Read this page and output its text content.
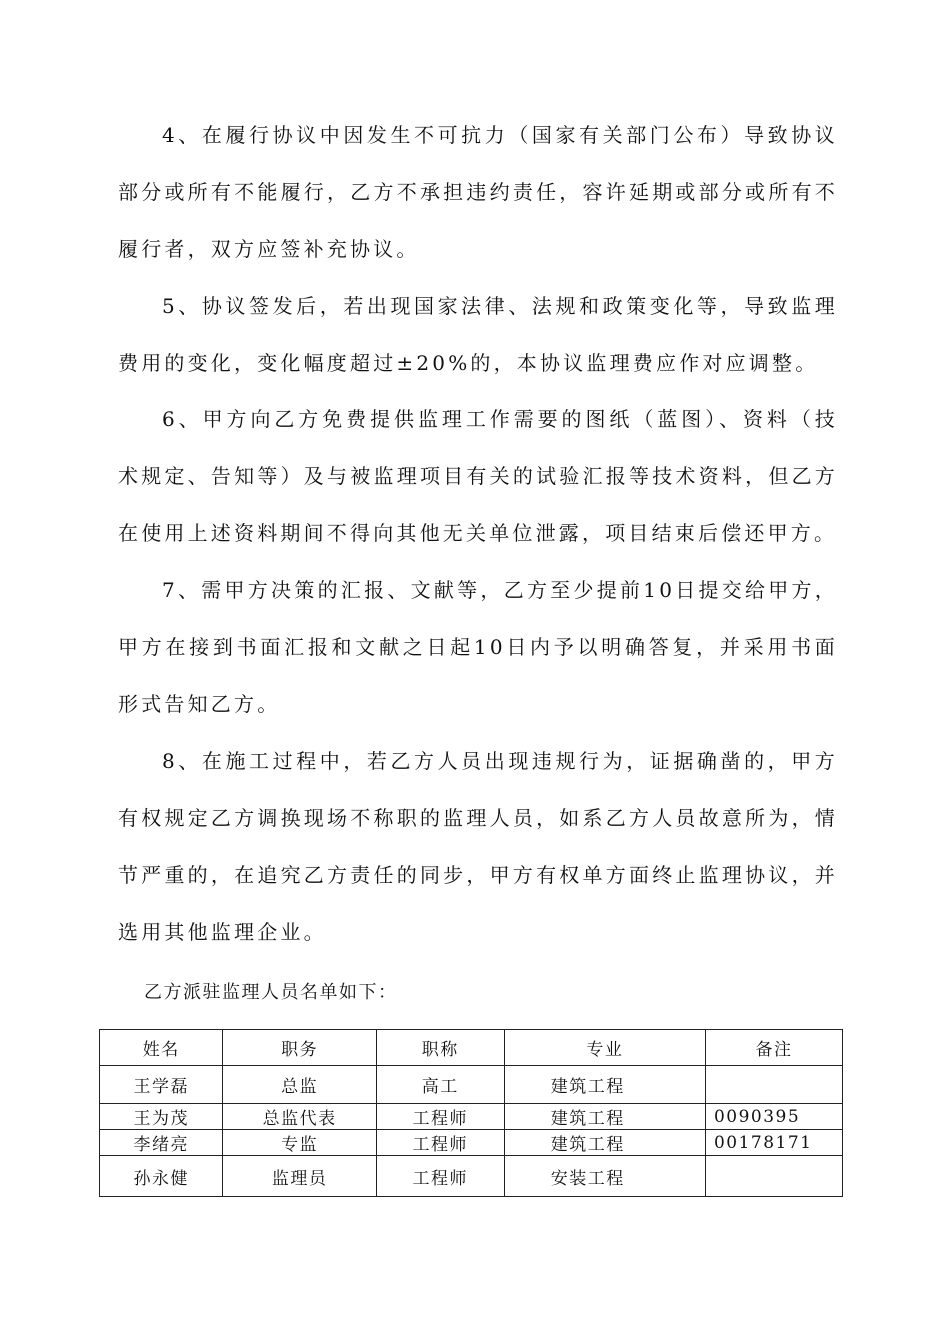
4、在履行协议中因发生不可抗力（国家有关部门公布）导致协议部分或所有不能履行，乙方不承担违约责任，容许延期或部分或所有不履行者，双方应签补充协议。

5、协议签发后，若出现国家法律、法规和政策变化等，导致监理费用的变化，变化幅度超过±20%的，本协议监理费应作对应调整。

6、甲方向乙方免费提供监理工作需要的图纸（蓝图）、资料（技术规定、告知等）及与被监理项目有关的试验汇报等技术资料，但乙方在使用上述资料期间不得向其他无关单位泄露，项目结束后偿还甲方。

7、需甲方决策的汇报、文献等，乙方至少提前10日提交给甲方，甲方在接到书面汇报和文献之日起10日内予以明确答复，并采用书面形式告知乙方。

8、在施工过程中，若乙方人员出现违规行为，证据确凿的，甲方有权规定乙方调换现场不称职的监理人员，如系乙方人员故意所为，情节严重的，在追究乙方责任的同步，甲方有权单方面终止监理协议，并选用其他监理企业。

乙方派驻监理人员名单如下：

姓名	职务	职称	专业	备注
王学磊	总监	高工	建筑工程	
王为茂	总监代表	工程师	建筑工程	0090395
李绪亮	专监	工程师	建筑工程	00178171
孙永健	监理员	工程师	安装工程	
